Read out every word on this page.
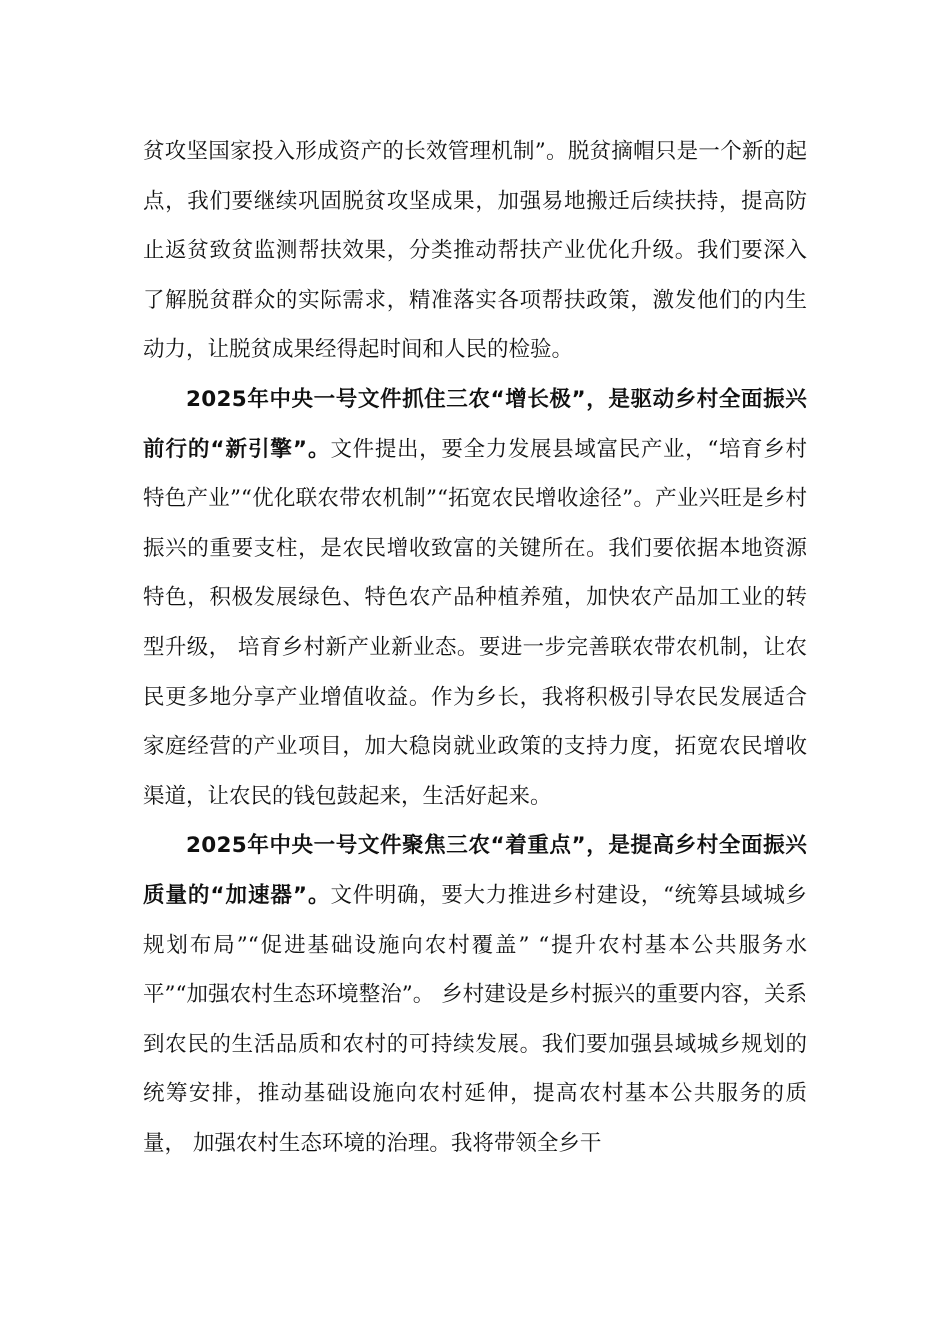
贫攻坚国家投入形成资产的长效管理机制”。脱贫摘帽只是一个新的起点，我们要继续巩固脱贫攻坚成果，加强易地搬迁后续扶持，提高防止返贫致贫监测帮扶效果，分类推动帮扶产业优化升级。我们要深入了解脱贫群众的实际需求，精准落实各项帮扶政策，激发他们的内生动力，让脱贫成果经得起时间和人民的检验。

2025年中央一号文件抓住三农“增长极”，是驱动乡村全面振兴前行的“新引擎”。文件提出，要全力发展县域富民产业，“培育乡村特色产业”“优化联农带农机制”“拓宽农民增收途径”。产业兴旺是乡村振兴的重要支柱，是农民增收致富的关键所在。我们要依据本地资源特色，积极发展绿色、特色农产品种植养殖，加快农产品加工业的转型升级， 培育乡村新产业新业态。要进一步完善联农带农机制，让农民更多地分享产业增值收益。作为乡长，我将积极引导农民发展适合家庭经营的产业项目，加大稳岗就业政策的支持力度，拓宽农民增收渠道，让农民的钱包鼓起来，生活好起来。

2025年中央一号文件聚焦三农“着重点”，是提高乡村全面振兴质量的“加速器”。文件明确，要大力推进乡村建设，“统筹县域城乡规划布局”“促进基础设施向农村覆盖” “提升农村基本公共服务水平”“加强农村生态环境整治”。 乡村建设是乡村振兴的重要内容，关系到农民的生活品质和农村的可持续发展。我们要加强县域城乡规划的统筹安排，推动基础设施向农村延伸，提高农村基本公共服务的质量， 加强农村生态环境的治理。我将带领全乡干
